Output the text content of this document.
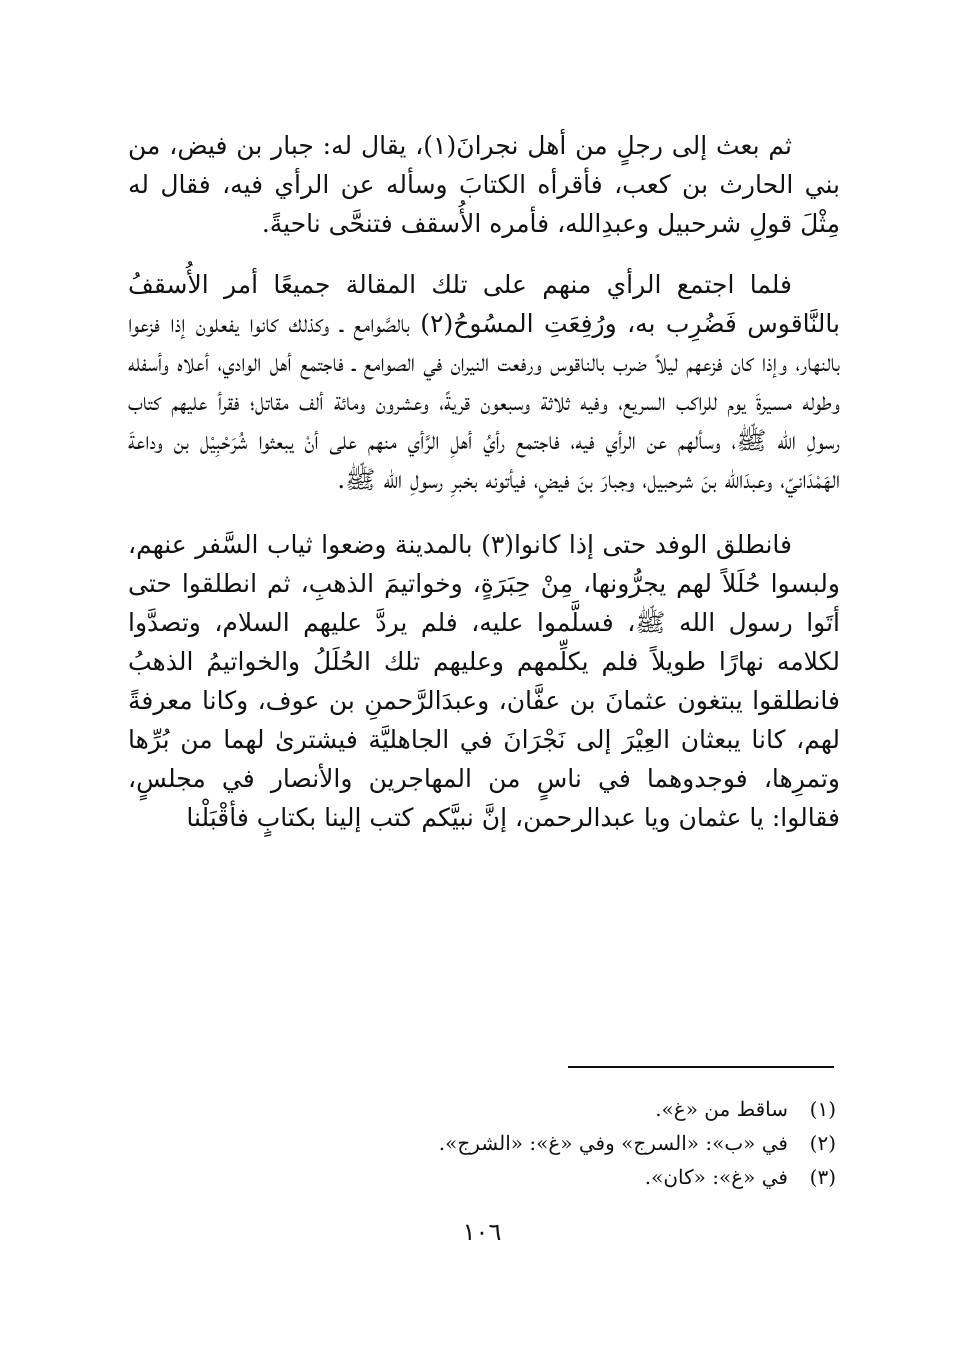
ثم بعث إلى رجلٍ من أهل نجرانَ(١)، يقال له: جبار بن فيض، من بني الحارث بن كعب، فأقرأه الكتابَ وسأله عن الرأي فيه، فقال له مِثْلَ قولِ شرحبيل وعبدِالله، فأمره الأُسقف فتنحَّى ناحيةً.

فلما اجتمع الرأي منهم على تلك المقالة جميعًا أمر الأُسقفُ بالنَّاقوس فَضُرِب به، ورُفِعَتِ المسُوحُ(٢) بالصَّوامع ـ وكذلك كانوا يفعلون إذا فزعوا بالنهار، وإذا كان فزعهم ليلاً ضرب بالناقوس ورفعت النيران في الصوامع ـ فاجتمع أهل الوادي، أعلاه وأسفله وطوله مسيرةَ يوم للراكب السريع، وفيه ثلاثة وسبعون قريةً، وعشرون ومائة ألف مقاتل؛ فقرأ عليهم كتاب رسولِ الله ﷺ، وسألهم عن الرأي فيه، فاجتمع رأيُ أهلِ الرَّأي منهم على أنْ يبعثوا شُرَحْبِيْل بن وداعةَ الهَمْدَانيّ، وعبدَالله بنَ شرحبيل، وجبارَ بنَ فيضٍ، فيأتونه بخبرِ رسولِ الله ﷺ.

فانطلق الوفد حتى إذا كانوا(٣) بالمدينة وضعوا ثياب السَّفر عنهم، ولبسوا حُلَلاً لهم يجرُّونها، مِنْ حِبَرَةٍ، وخواتيمَ الذهبِ، ثم انطلقوا حتى أتَوا رسول الله ﷺ، فسلَّموا عليه، فلم يردَّ عليهم السلام، وتصدَّوا لكلامه نهارًا طويلاً فلم يكلِّمهم وعليهم تلك الحُلَلُ والخواتيمُ الذهبُ فانطلقوا يبتغون عثمانَ بن عفَّان، وعبدَالرَّحمنِ بن عوف، وكانا معرفةً لهم، كانا يبعثان العِيْرَ إلى نَجْرَانَ في الجاهليَّة فيشترىٰ لهما من بُرِّها وتمرِها، فوجدوهما في ناسٍ من المهاجرين والأنصار في مجلسٍ، فقالوا: يا عثمان ويا عبدالرحمن، إنَّ نبيَّكم كتب إلينا بكتابٍ فأقْبَلْنا

(١)
ساقط من «غ».
(٢)
في «ب»: «السرج» وفي «غ»: «الشرج».
(٣)
في «غ»: «كان».
١٠٦
